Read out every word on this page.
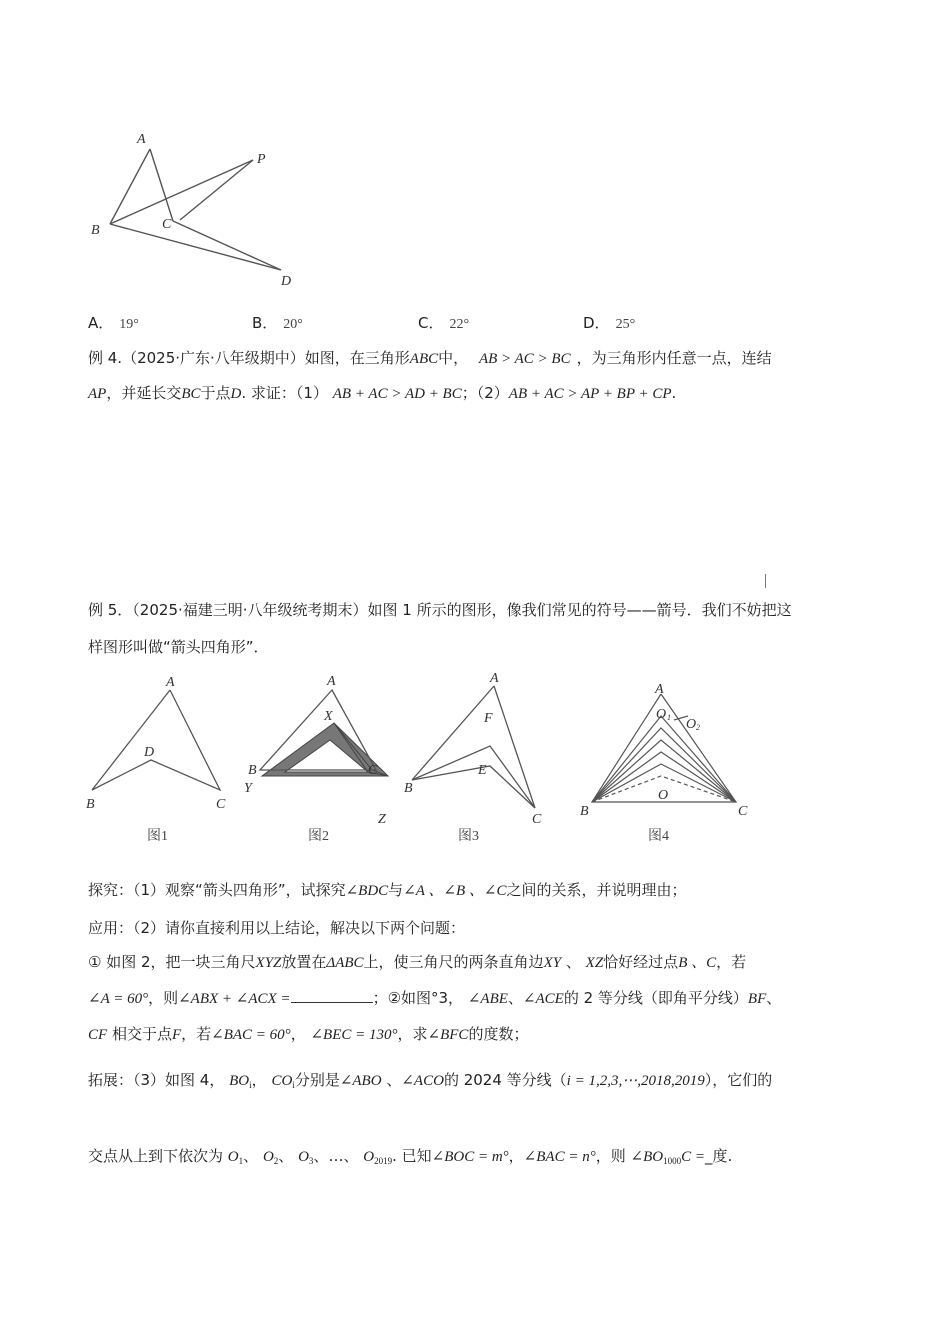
A
P
B	C
D
A． 19°	B． 20°	C． 22°	D． 25°
例 4.（2025·广东·八年级期中）如图，在三角形ABC中， AB > AC > BC ，为三角形内任意一点，连结
AP，并延长交BC于点D. 求证：（1） AB + AC > AD + BC；（2）AB + AC > AP + BP + CP.
例 5．（2025·福建三明·八年级统考期末）如图 1 所示的图形，像我们常见的符号——箭号．我们不妨把这
样图形叫做“箭头四角形”．
A
D
B	C
图1
A
X
B	C
Y
Z
图2
A
F
E
B
C
图3
A
O
O
1
2
O
B	C
图4
探究：（1）观察“箭头四角形”，试探究∠BDC与∠A 、∠B 、∠C之间的关系，并说明理由；
应用：（2）请你直接利用以上结论，解决以下两个问题：
① 如图 2，把一块三角尺XYZ放置在ΔABC上，使三角尺的两条直角边XY 、 XZ恰好经过点B 、C，若
∠A = 60°，则∠ABX + ∠ACX =	；②如图°3， ∠ABE、∠ACE的 2 等分线（即角平分线）BF、
CF 相交于点F，若∠BAC = 60°， ∠BEC = 130°，求∠BFC的度数；
拓展：（3）如图 4， $BO_i$， $CO_i$分别是∠ABO 、∠ACO的 2024 等分线（i = 1,2,3,⋯,2018,2019），它们的
交点从上到下依次为 $O_1$、 $O_2$、 $O_3$、…、 $O_{2019}$. 已知∠BOC = m°，∠BAC = n°，则 $\angle BO_{1000}C$ =_度.
